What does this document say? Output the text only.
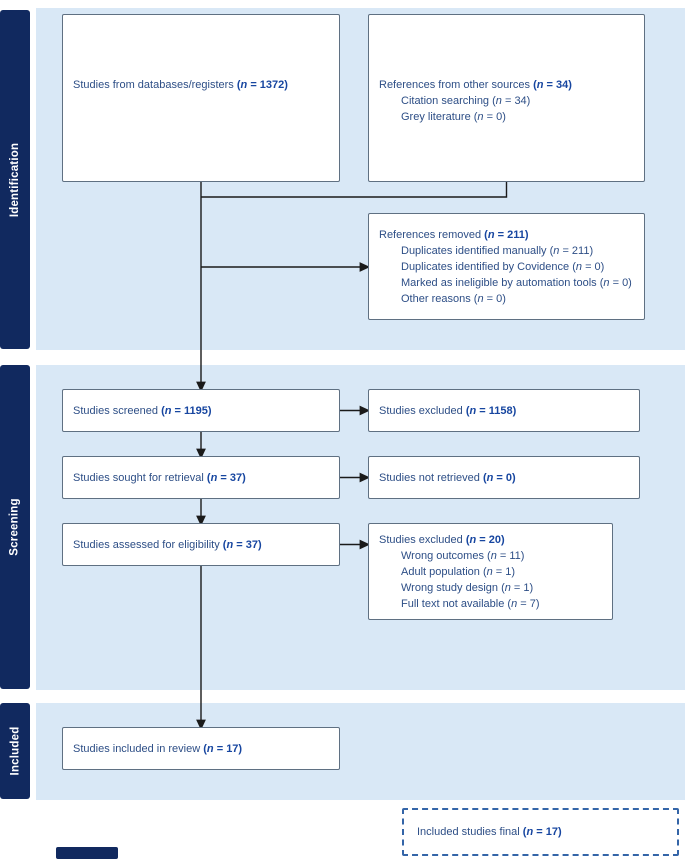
Identification
Screening
Included
Studies from databases/registers (n = 1372)	References from other sources (n = 34)
Citation searching (n = 34)
Grey literature (n = 0)
References removed (n = 211)
Duplicates identified manually (n = 211)
Duplicates identified by Covidence (n = 0)
Marked as ineligible by automation tools (n = 0)
Other reasons (n = 0)
Studies screened (n = 1195)	Studies excluded (n = 1158)
Studies sought for retrieval (n = 37)	Studies not retrieved (n = 0)
Studies assessed for eligibility (n = 37)	Studies excluded (n = 20)
Wrong outcomes (n = 11)
Adult population (n = 1)
Wrong study design (n = 1)
Full text not available (n = 7)
Studies included in review (n = 17)
Included studies final (n = 17)
